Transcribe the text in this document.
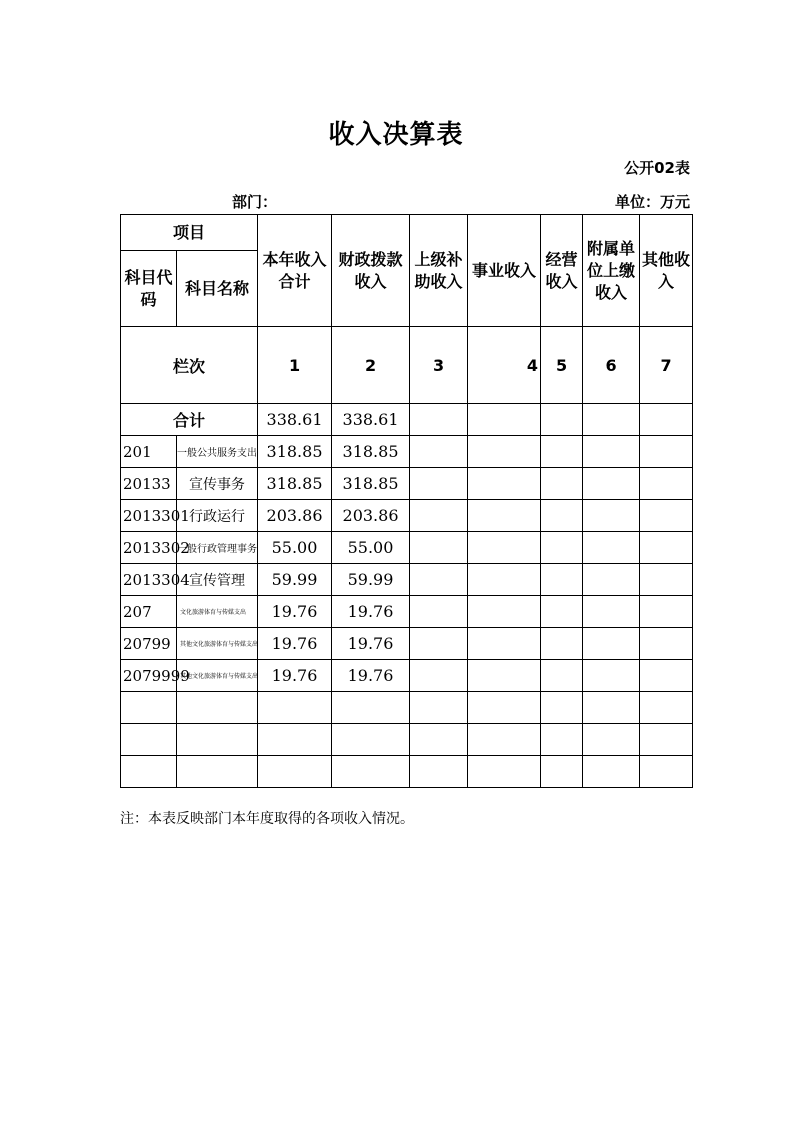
收入决算表
公开02表
部门：	单位：万元
项目		本年收入合计	财政拨款收入	上级补助收入	事业收入	经营收入	附属单位上缴收入	其他收入
科目代码	科目名称							
栏次		1	2	3	4	5	6	7
合计		338.61	338.61					
201	一般公共服务支出	318.85	318.85					
20133	宣传事务	318.85	318.85					
2013301	行政运行	203.86	203.86					
2013302	一般行政管理事务	55.00	55.00					
2013304	宣传管理	59.99	59.99					
207	文化旅游体育与传媒支出	19.76	19.76					
20799	其他文化旅游体育与传媒支出	19.76	19.76					
2079999	其他文化旅游体育与传媒支出	19.76	19.76					

注：本表反映部门本年度取得的各项收入情况。
